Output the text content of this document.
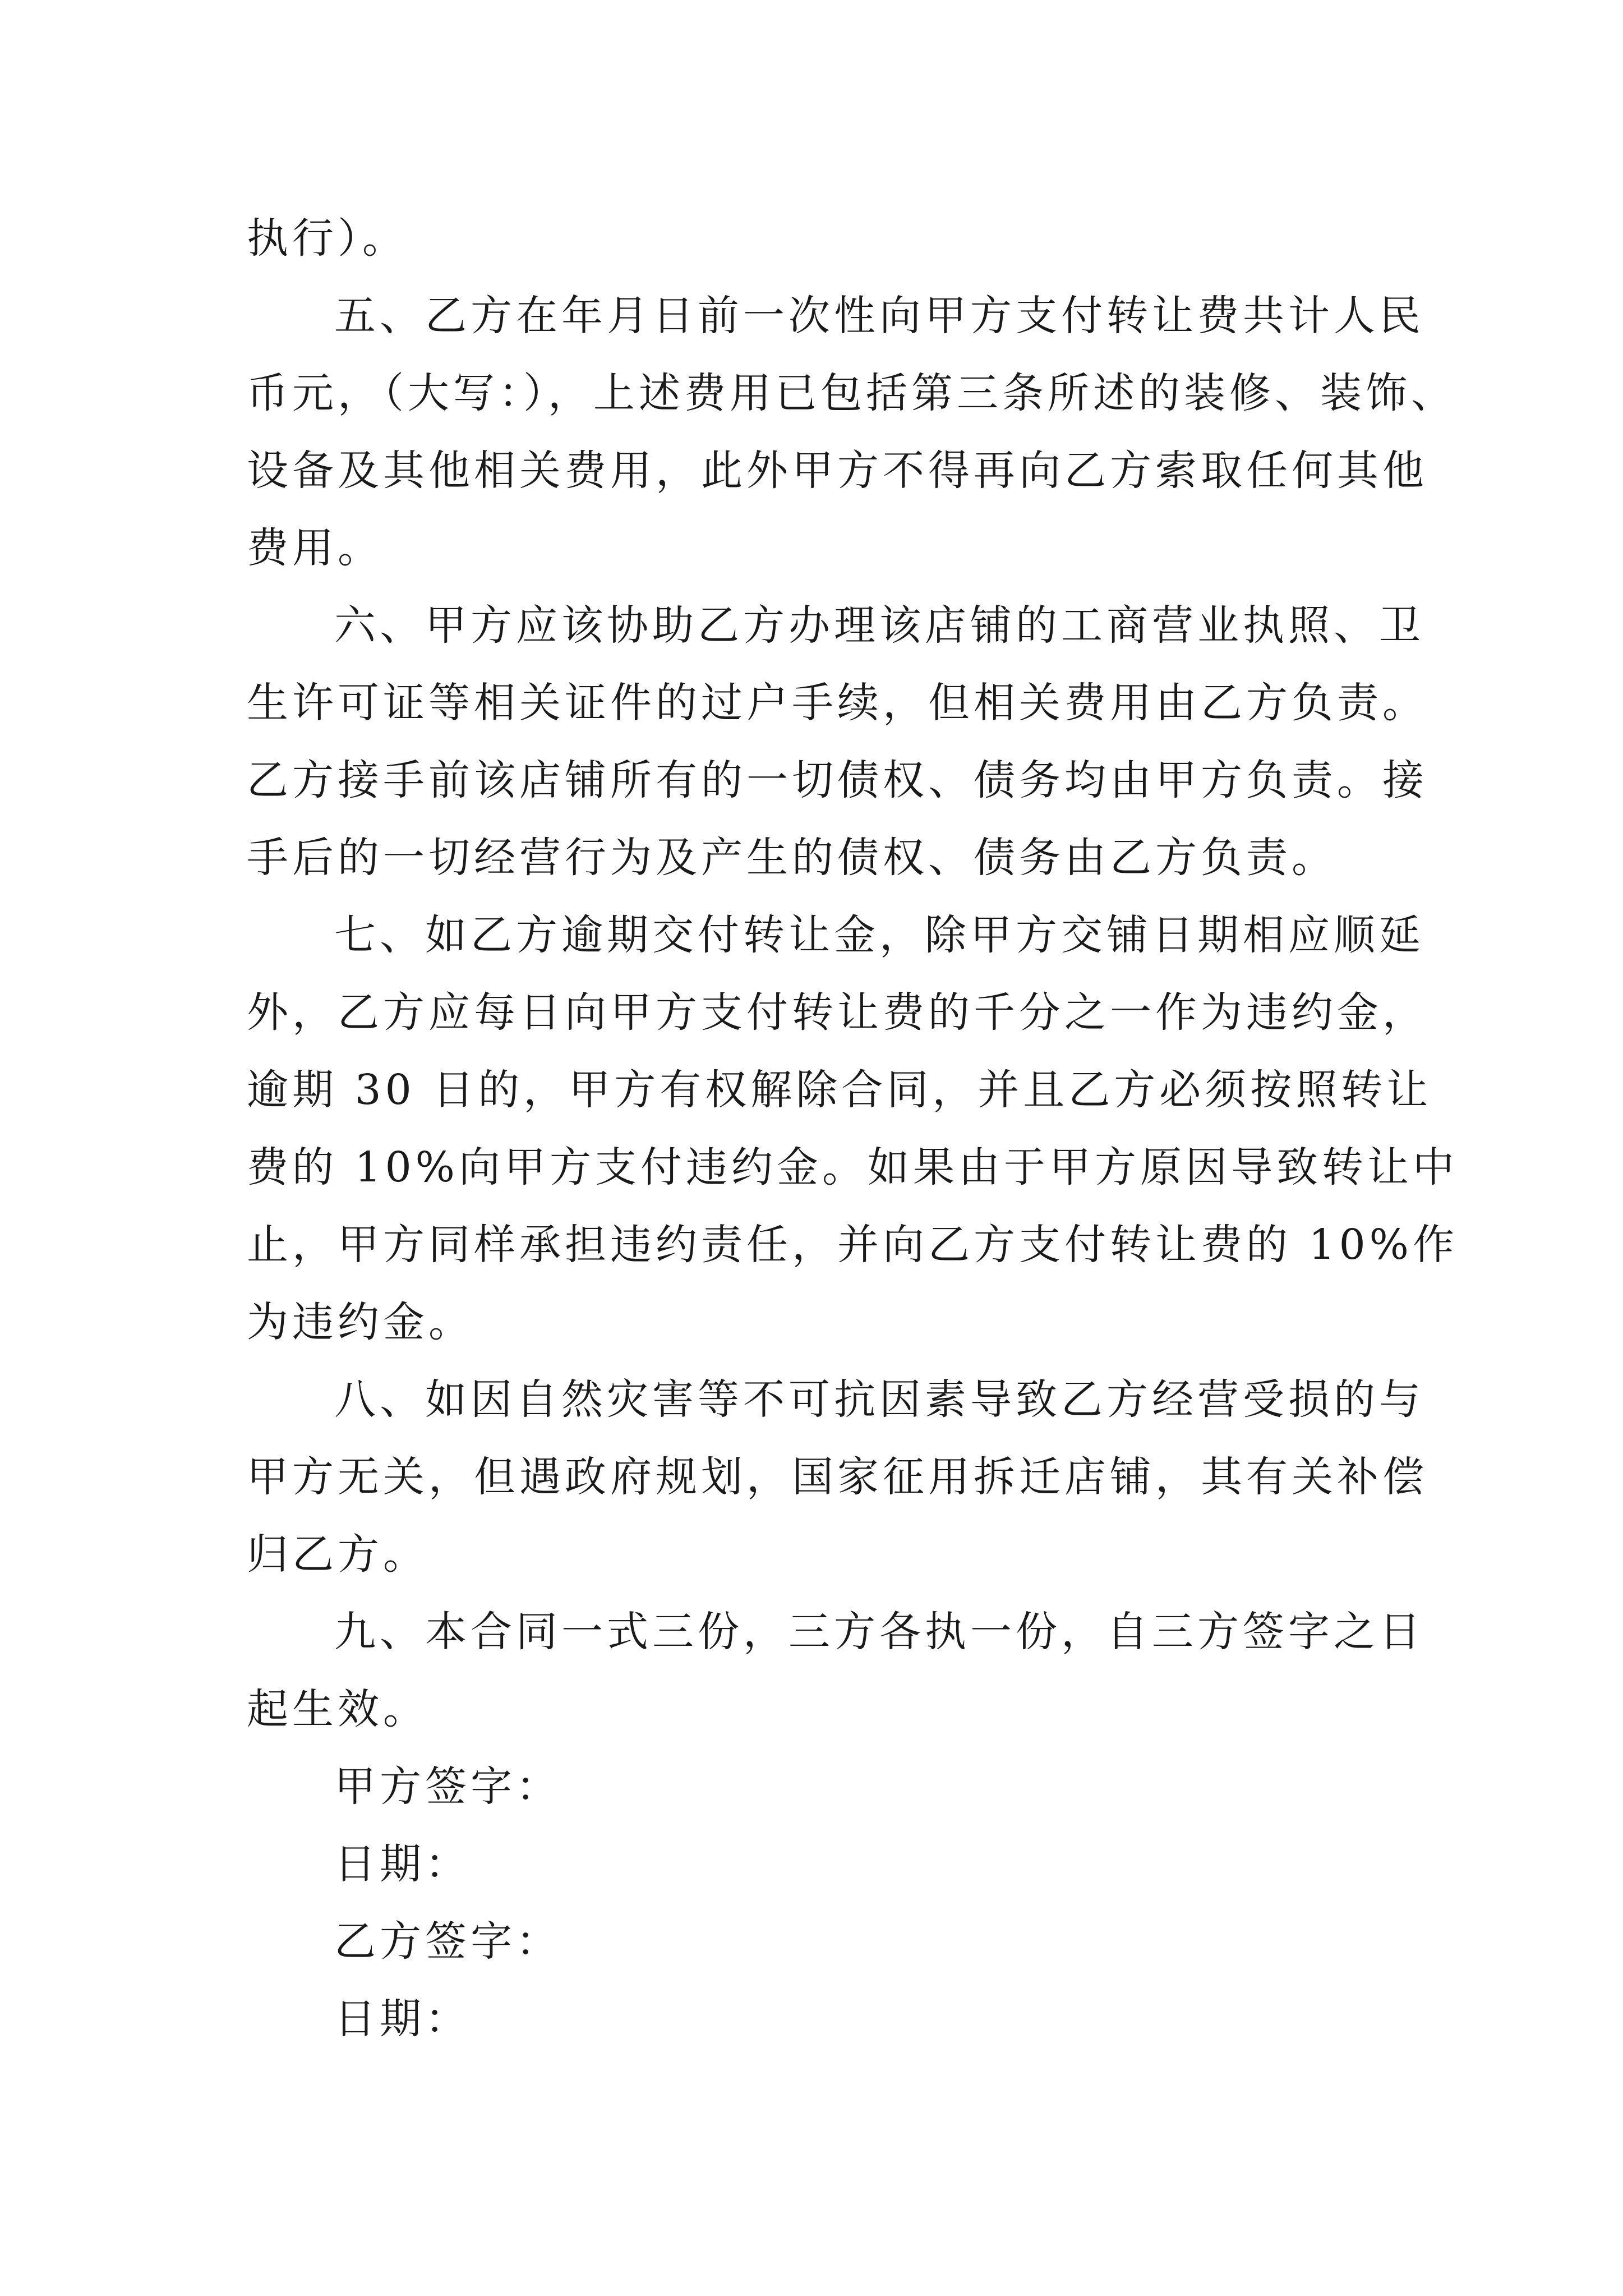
执行）。
五、乙方在年月日前一次性向甲方支付转让费共计人民
币元，（大写：），上述费用已包括第三条所述的装修、装饰、
设备及其他相关费用，此外甲方不得再向乙方索取任何其他
费用。
六、甲方应该协助乙方办理该店铺的工商营业执照、卫
生许可证等相关证件的过户手续，但相关费用由乙方负责。
乙方接手前该店铺所有的一切债权、债务均由甲方负责。接
手后的一切经营行为及产生的债权、债务由乙方负责。
七、如乙方逾期交付转让金，除甲方交铺日期相应顺延
外，乙方应每日向甲方支付转让费的千分之一作为违约金，
逾期 30 日的，甲方有权解除合同，并且乙方必须按照转让
费的 10%向甲方支付违约金。如果由于甲方原因导致转让中
止，甲方同样承担违约责任，并向乙方支付转让费的 10%作
为违约金。
八、如因自然灾害等不可抗因素导致乙方经营受损的与
甲方无关，但遇政府规划，国家征用拆迁店铺，其有关补偿
归乙方。
九、本合同一式三份，三方各执一份，自三方签字之日
起生效。
甲方签字：
日期：
乙方签字：
日期：
